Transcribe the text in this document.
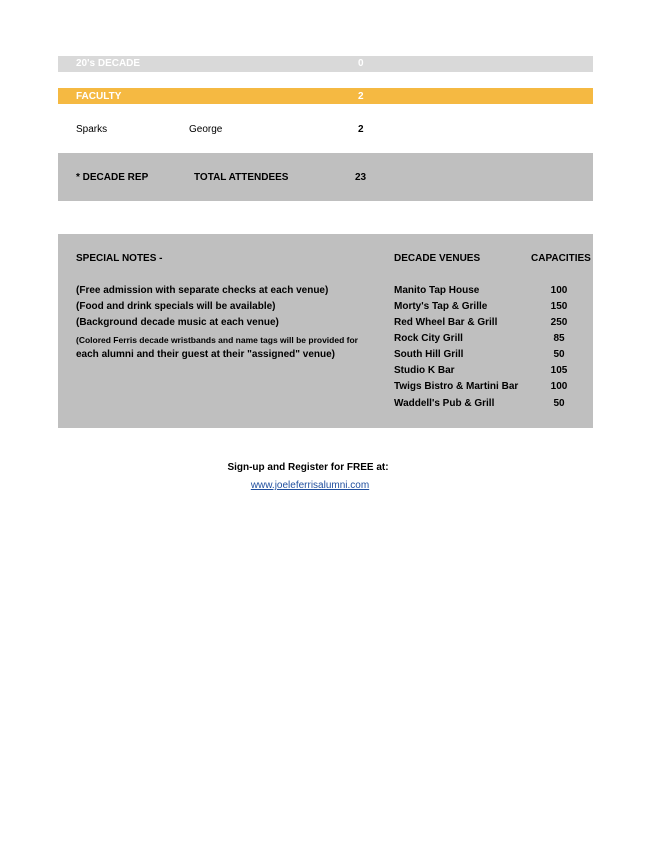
20's DECADE	0
FACULTY	2
Sparks	George	2
* DECADE REP	TOTAL ATTENDEES	23
SPECIAL NOTES -
(Free admission with separate checks at each venue)
(Food and drink specials will be available)
(Background decade music at each venue)
(Colored Ferris decade wristbands and name tags will be provided for
each alumni and their guest at their "assigned" venue)
DECADE VENUES	CAPACITIES
Manito Tap House	100
Morty's Tap & Grille	150
Red Wheel Bar & Grill	250
Rock City Grill	85
South Hill Grill	50
Studio K Bar	105
Twigs Bistro & Martini Bar	100
Waddell's Pub & Grill	50
Sign-up and Register for FREE at:
www.joeleferrisalumni.com
